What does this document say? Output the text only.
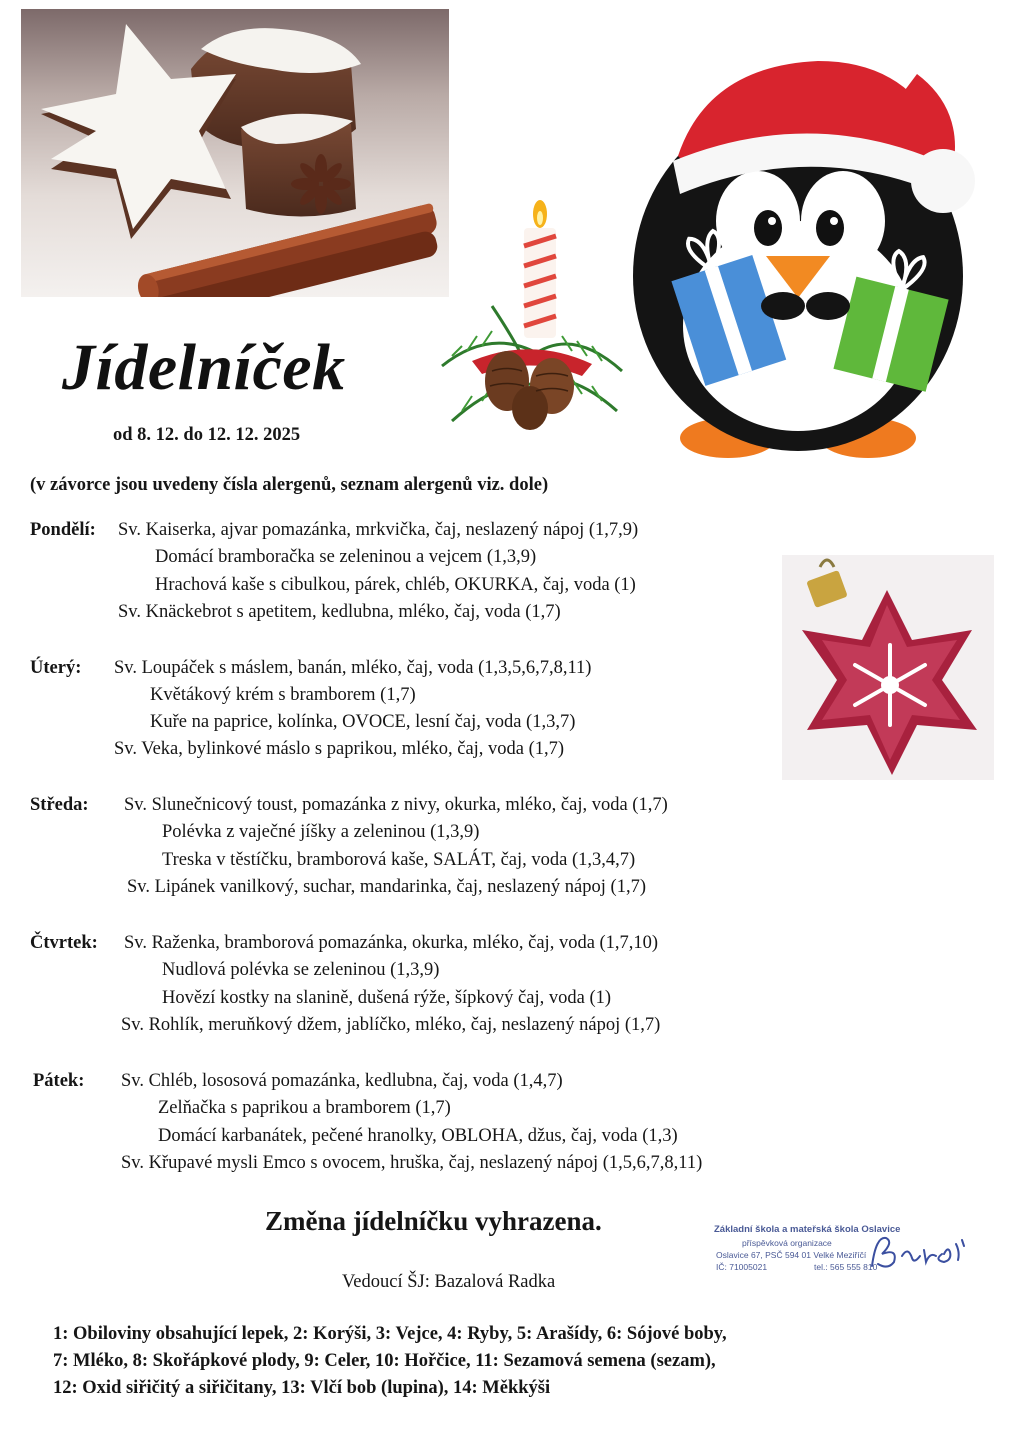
Jídelníček
od 8. 12. do 12. 12. 2025
(v závorce jsou uvedeny čísla alergenů, seznam alergenů viz. dole)
Pondělí: Sv. Kaiserka, ajvar pomazánka, mrkvička, čaj, neslazený nápoj (1,7,9)
Domácí bramboračka se zeleninou a vejcem (1,3,9)
Hrachová kaše s cibulkou, párek, chléb, OKURKA, čaj, voda (1)
Sv. Knäckebrot s apetitem, kedlubna, mléko, čaj, voda (1,7)
Úterý: Sv. Loupáček s máslem, banán, mléko, čaj, voda (1,3,5,6,7,8,11)
Květákový krém s bramborem (1,7)
Kuře na paprice, kolínka, OVOCE, lesní čaj, voda (1,3,7)
Sv. Veka, bylinkové máslo s paprikou, mléko, čaj, voda (1,7)
Středa: Sv. Slunečnicový toust, pomazánka z nivy, okurka, mléko, čaj, voda (1,7)
Polévka z vaječné jíšky a zeleninou (1,3,9)
Treska v těstíčku, bramborová kaše, SALÁT, čaj, voda (1,3,4,7)
Sv. Lipánek vanilkový, suchar, mandarinka, čaj, neslazený nápoj (1,7)
Čtvrtek: Sv. Raženka, bramborová pomazánka, okurka, mléko, čaj, voda (1,7,10)
Nudlová polévka se zeleninou (1,3,9)
Hovězí kostky na slanině, dušená rýže, šípkový čaj, voda (1)
Sv. Rohlík, meruňkový džem, jablíčko, mléko, čaj, neslazený nápoj (1,7)
Pátek: Sv. Chléb, lososová pomazánka, kedlubna, čaj, voda (1,4,7)
Zelňačka s paprikou a bramborem (1,7)
Domácí karbanátek, pečené hranolky, OBLOHA, džus, čaj, voda (1,3)
Sv. Křupavé mysli Emco s ovocem, hruška, čaj, neslazený nápoj (1,5,6,7,8,11)
Změna jídelníčku vyhrazena.
Vedoucí ŠJ: Bazalová Radka
Základní škola a mateřská škola Oslavice
příspěvková organizace
Oslavice 67, PSČ 594 01 Velké Meziříčí
IČ: 71005021	tel.: 565 555 810
1: Obiloviny obsahující lepek, 2: Korýši, 3: Vejce, 4: Ryby, 5: Arašídy, 6: Sójové boby,
7: Mléko, 8: Skořápkové plody, 9: Celer, 10: Hořčice, 11: Sezamová semena (sezam),
12: Oxid siřičitý a siřičitany, 13: Vlčí bob (lupina), 14: Měkkýši
